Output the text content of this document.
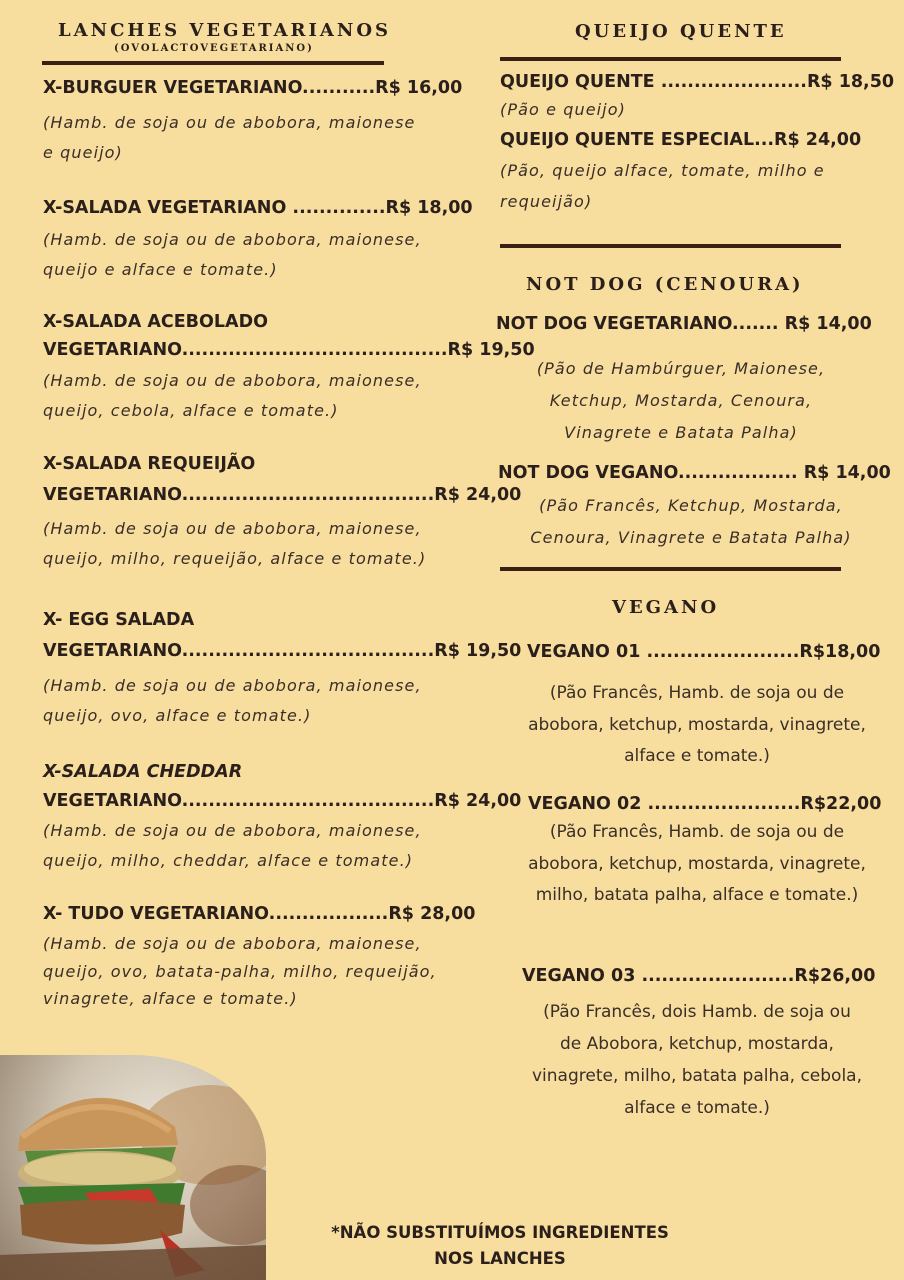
LANCHES VEGETARIANOS
(OVOLACTOVEGETARIANO)
X-BURGUER VEGETARIANO...........R$ 16,00
(Hamb. de soja ou de abobora, maionese
e queijo)
X-SALADA VEGETARIANO ..............R$ 18,00
(Hamb. de soja ou de abobora, maionese,
queijo e alface e tomate.)
X-SALADA ACEBOLADO
VEGETARIANO........................................R$ 19,50
(Hamb. de soja ou de abobora, maionese,
queijo, cebola, alface e tomate.)
X-SALADA REQUEIJÃO
VEGETARIANO......................................R$ 24,00
(Hamb. de soja ou de abobora, maionese,
queijo, milho, requeijão, alface e tomate.)
X- EGG SALADA
VEGETARIANO......................................R$ 19,50
(Hamb. de soja ou de abobora, maionese,
queijo, ovo, alface e tomate.)
X-SALADA CHEDDAR
VEGETARIANO......................................R$ 24,00
(Hamb. de soja ou de abobora, maionese,
queijo, milho, cheddar, alface e tomate.)
X- TUDO VEGETARIANO..................R$ 28,00
(Hamb. de soja ou de abobora, maionese,
queijo, ovo, batata-palha, milho, requeijão,
vinagrete, alface e tomate.)
QUEIJO QUENTE
QUEIJO QUENTE ......................R$ 18,50
(Pão e queijo)
QUEIJO QUENTE ESPECIAL...R$ 24,00
(Pão, queijo alface, tomate, milho e
requeijão)
NOT DOG (CENOURA)
NOT DOG VEGETARIANO....... R$ 14,00
(Pão de Hambúrguer, Maionese,
Ketchup, Mostarda, Cenoura,
Vinagrete e Batata Palha)
NOT DOG VEGANO.................. R$ 14,00
(Pão Francês, Ketchup, Mostarda,
Cenoura, Vinagrete e Batata Palha)
VEGANO
VEGANO 01 .......................R$18,00
(Pão Francês, Hamb. de soja ou de
abobora, ketchup, mostarda, vinagrete,
alface e tomate.)
VEGANO 02 .......................R$22,00
(Pão Francês, Hamb. de soja ou de
abobora, ketchup, mostarda, vinagrete,
milho, batata palha, alface e tomate.)
VEGANO 03 .......................R$26,00
(Pão Francês, dois Hamb. de soja ou
de Abobora, ketchup, mostarda,
vinagrete, milho, batata palha, cebola,
alface e tomate.)
*NÃO SUBSTITUÍMOS INGREDIENTES
NOS LANCHES
